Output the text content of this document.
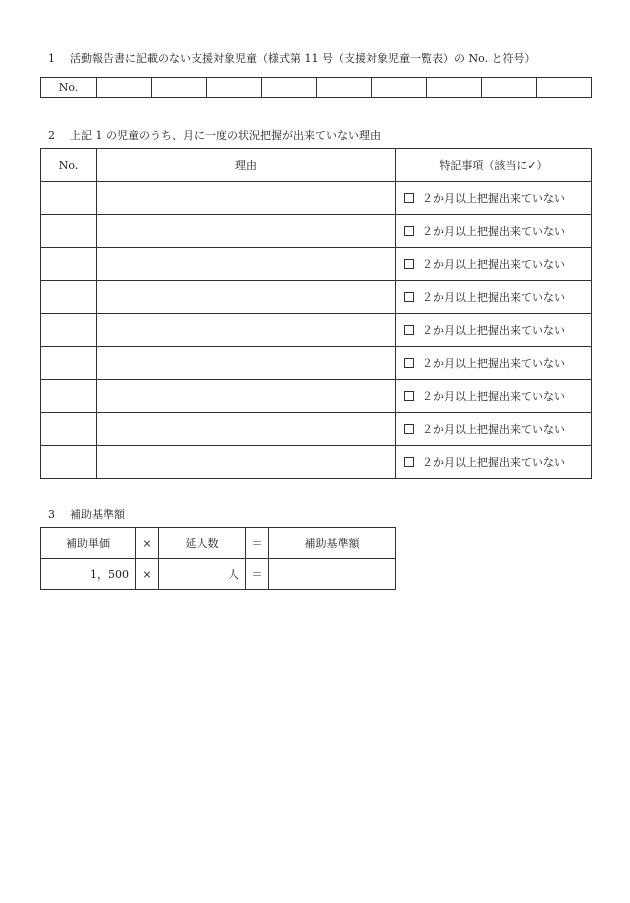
1 活動報告書に記載のない支援対象児童（様式第 11 号（支援対象児童一覧表）の No. と符号）
No.									
2 上記 1 の児童のうち、月に一度の状況把握が出来ていない理由
No.	理由	特記事項（該当に✓）
		２か月以上把握出来ていない
		２か月以上把握出来ていない
		２か月以上把握出来ていない
		２か月以上把握出来ていない
		２か月以上把握出来ていない
		２か月以上把握出来ていない
		２か月以上把握出来ていない
		２か月以上把握出来ていない
		２か月以上把握出来ていない
3 補助基準額
補助単価	×	延人数	＝	補助基準額
1，500	×	人	＝	
